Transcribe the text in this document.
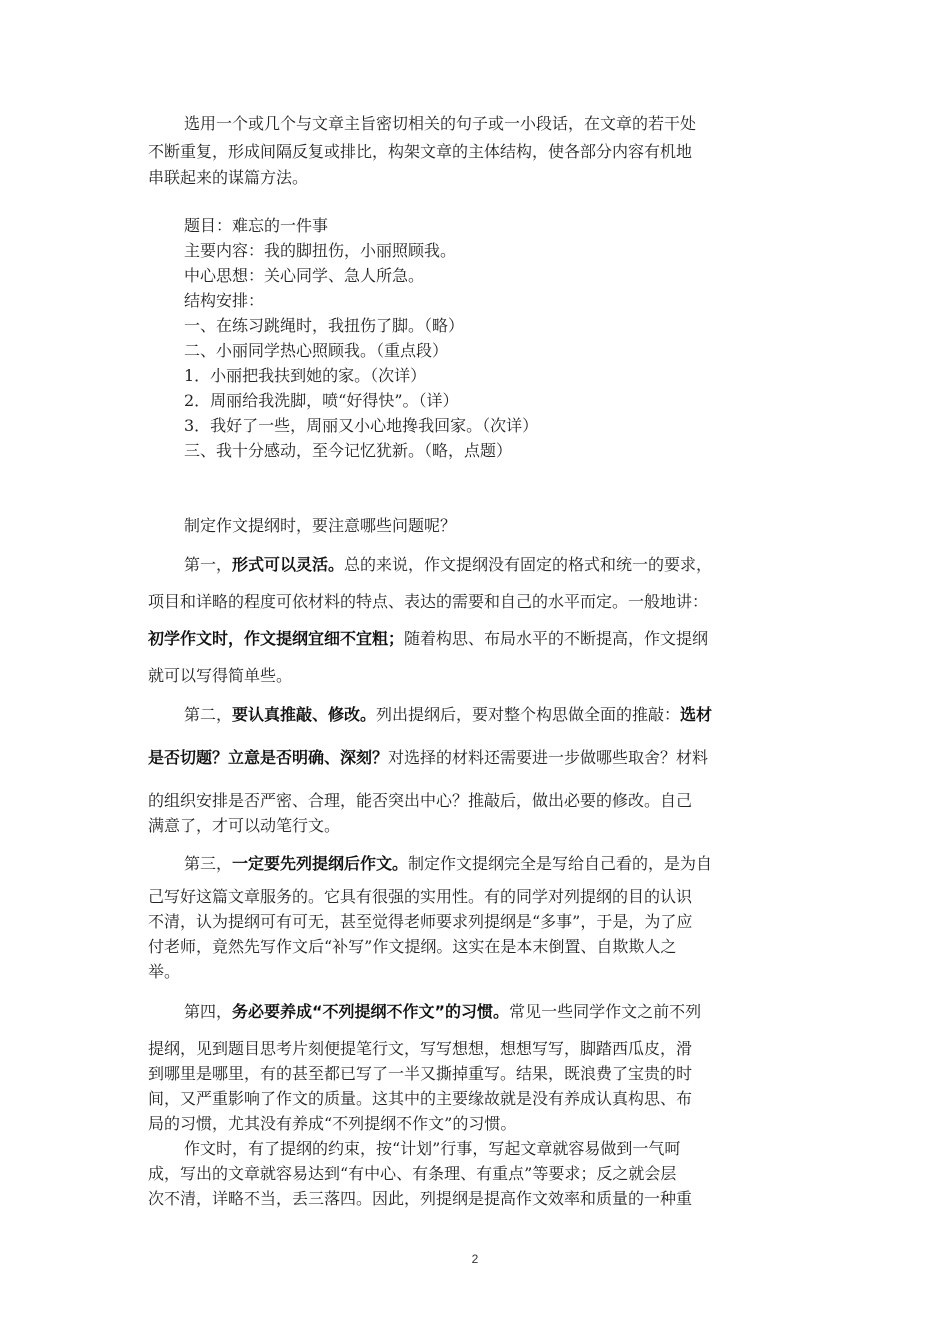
选用一个或几个与文章主旨密切相关的句子或一小段话，在文章的若干处
不断重复，形成间隔反复或排比，构架文章的主体结构，使各部分内容有机地
串联起来的谋篇方法。
题目：难忘的一件事
主要内容：我的脚扭伤，小丽照顾我。
中心思想：关心同学、急人所急。
结构安排：
一、在练习跳绳时，我扭伤了脚。（略）
二、小丽同学热心照顾我。（重点段）
1．小丽把我扶到她的家。（次详）
2．周丽给我洗脚，喷“好得快”。（详）
3．我好了一些，周丽又小心地搀我回家。（次详）
三、我十分感动，至今记忆犹新。（略，点题）
制定作文提纲时，要注意哪些问题呢？
第一，形式可以灵活。总的来说，作文提纲没有固定的格式和统一的要求，
项目和详略的程度可依材料的特点、表达的需要和自己的水平而定。一般地讲：
初学作文时，作文提纲宜细不宜粗；随着构思、布局水平的不断提高，作文提纲
就可以写得简单些。
第二，要认真推敲、修改。列出提纲后，要对整个构思做全面的推敲：选材
是否切题？立意是否明确、深刻？对选择的材料还需要进一步做哪些取舍？材料
的组织安排是否严密、合理，能否突出中心？推敲后，做出必要的修改。自己
满意了，才可以动笔行文。
第三，一定要先列提纲后作文。制定作文提纲完全是写给自己看的，是为自
己写好这篇文章服务的。它具有很强的实用性。有的同学对列提纲的目的认识
不清，认为提纲可有可无，甚至觉得老师要求列提纲是“多事”，于是，为了应
付老师，竟然先写作文后“补写”作文提纲。这实在是本末倒置、自欺欺人之
举。
第四，务必要养成“不列提纲不作文”的习惯。常见一些同学作文之前不列
提纲，见到题目思考片刻便提笔行文，写写想想，想想写写，脚踏西瓜皮，滑
到哪里是哪里，有的甚至都已写了一半又撕掉重写。结果，既浪费了宝贵的时
间，又严重影响了作文的质量。这其中的主要缘故就是没有养成认真构思、布
局的习惯，尤其没有养成“不列提纲不作文”的习惯。
作文时，有了提纲的约束，按“计划”行事，写起文章就容易做到一气呵
成，写出的文章就容易达到“有中心、有条理、有重点”等要求；反之就会层
次不清，详略不当，丢三落四。因此，列提纲是提高作文效率和质量的一种重
2
